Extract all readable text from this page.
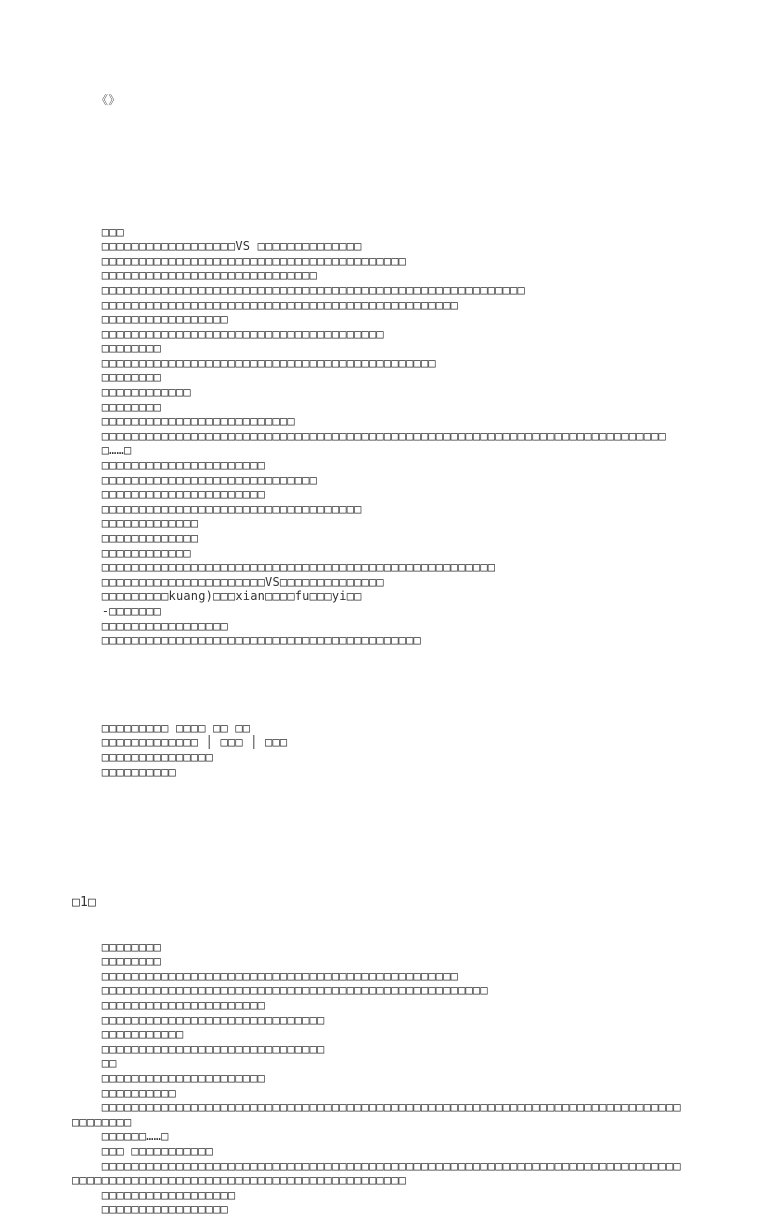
《》

□□□
□□□□□□□□□□□□□□□□□□VS □□□□□□□□□□□□□□
□□□□□□□□□□□□□□□□□□□□□□□□□□□□□□□□□□□□□□□□□
□□□□□□□□□□□□□□□□□□□□□□□□□□□□□
□□□□□□□□□□□□□□□□□□□□□□□□□□□□□□□□□□□□□□□□□□□□□□□□□□□□□□□□□
□□□□□□□□□□□□□□□□□□□□□□□□□□□□□□□□□□□□□□□□□□□□□□□□
□□□□□□□□□□□□□□□□□
□□□□□□□□□□□□□□□□□□□□□□□□□□□□□□□□□□□□□□
□□□□□□□□
□□□□□□□□□□□□□□□□□□□□□□□□□□□□□□□□□□□□□□□□□□□□□
□□□□□□□□
□□□□□□□□□□□□
□□□□□□□□
□□□□□□□□□□□□□□□□□□□□□□□□□□
□□□□□□□□□□□□□□□□□□□□□□□□□□□□□□□□□□□□□□□□□□□□□□□□□□□□□□□□□□□□□□□□□□□□□□□□□□□□
□……□
□□□□□□□□□□□□□□□□□□□□□□
□□□□□□□□□□□□□□□□□□□□□□□□□□□□□
□□□□□□□□□□□□□□□□□□□□□□
□□□□□□□□□□□□□□□□□□□□□□□□□□□□□□□□□□□
□□□□□□□□□□□□□
□□□□□□□□□□□□□
□□□□□□□□□□□□
□□□□□□□□□□□□□□□□□□□□□□□□□□□□□□□□□□□□□□□□□□□□□□□□□□□□□
□□□□□□□□□□□□□□□□□□□□□□VS□□□□□□□□□□□□□□
□□□□□□□□□kuang)□□□xian□□□□fu□□□yi□□
-□□□□□□□
□□□□□□□□□□□□□□□□□
□□□□□□□□□□□□□□□□□□□□□□□□□□□□□□□□□□□□□□□□□□□

□□□□□□□□□ □□□□ □□ □□
□□□□□□□□□□□□□ │ □□□ │ □□□
□□□□□□□□□□□□□□□
□□□□□□□□□□

□1□

□□□□□□□□
□□□□□□□□
□□□□□□□□□□□□□□□□□□□□□□□□□□□□□□□□□□□□□□□□□□□□□□□□
□□□□□□□□□□□□□□□□□□□□□□□□□□□□□□□□□□□□□□□□□□□□□□□□□□□□
□□□□□□□□□□□□□□□□□□□□□□
□□□□□□□□□□□□□□□□□□□□□□□□□□□□□□
□□□□□□□□□□□
□□□□□□□□□□□□□□□□□□□□□□□□□□□□□□
□□
□□□□□□□□□□□□□□□□□□□□□□
□□□□□□□□□□
□□□□□□□□□□□□□□□□□□□□□□□□□□□□□□□□□□□□□□□□□□□□□□□□□□□□□□□□□□□□□□□□□□□□□□□□□□□□□□
□□□□□□□□
□□□□□□……□
□□□ □□□□□□□□□□□
□□□□□□□□□□□□□□□□□□□□□□□□□□□□□□□□□□□□□□□□□□□□□□□□□□□□□□□□□□□□□□□□□□□□□□□□□□□□□□
□□□□□□□□□□□□□□□□□□□□□□□□□□□□□□□□□□□□□□□□□□□□□
□□□□□□□□□□□□□□□□□□
□□□□□□□□□□□□□□□□□
